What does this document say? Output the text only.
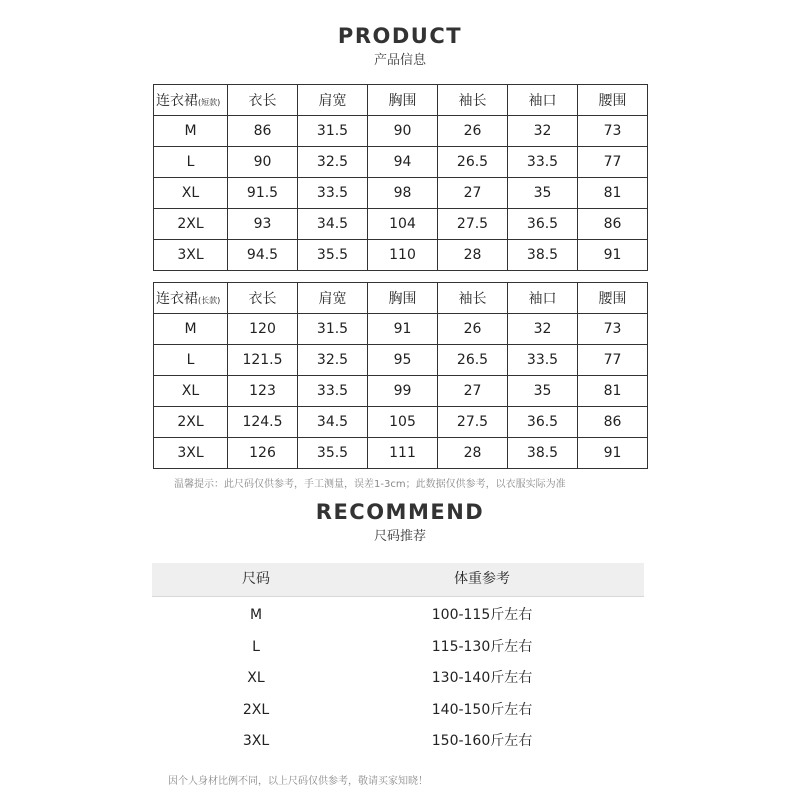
PRODUCT
产品信息
连衣裙(短款)	衣长	肩宽	胸围	袖长	袖口	腰围
M	86	31.5	90	26	32	73
L	90	32.5	94	26.5	33.5	77
XL	91.5	33.5	98	27	35	81
2XL	93	34.5	104	27.5	36.5	86
3XL	94.5	35.5	110	28	38.5	91
连衣裙(长款)	衣长	肩宽	胸围	袖长	袖口	腰围
M	120	31.5	91	26	32	73
L	121.5	32.5	95	26.5	33.5	77
XL	123	33.5	99	27	35	81
2XL	124.5	34.5	105	27.5	36.5	86
3XL	126	35.5	111	28	38.5	91
温馨提示：此尺码仅供参考，手工测量，误差1-3cm；此数据仅供参考，以衣服实际为准
RECOMMEND
尺码推荐
尺码	体重参考
M	100-115斤左右
L	115-130斤左右
XL	130-140斤左右
2XL	140-150斤左右
3XL	150-160斤左右
因个人身材比例不同，以上尺码仅供参考，敬请买家知晓！
